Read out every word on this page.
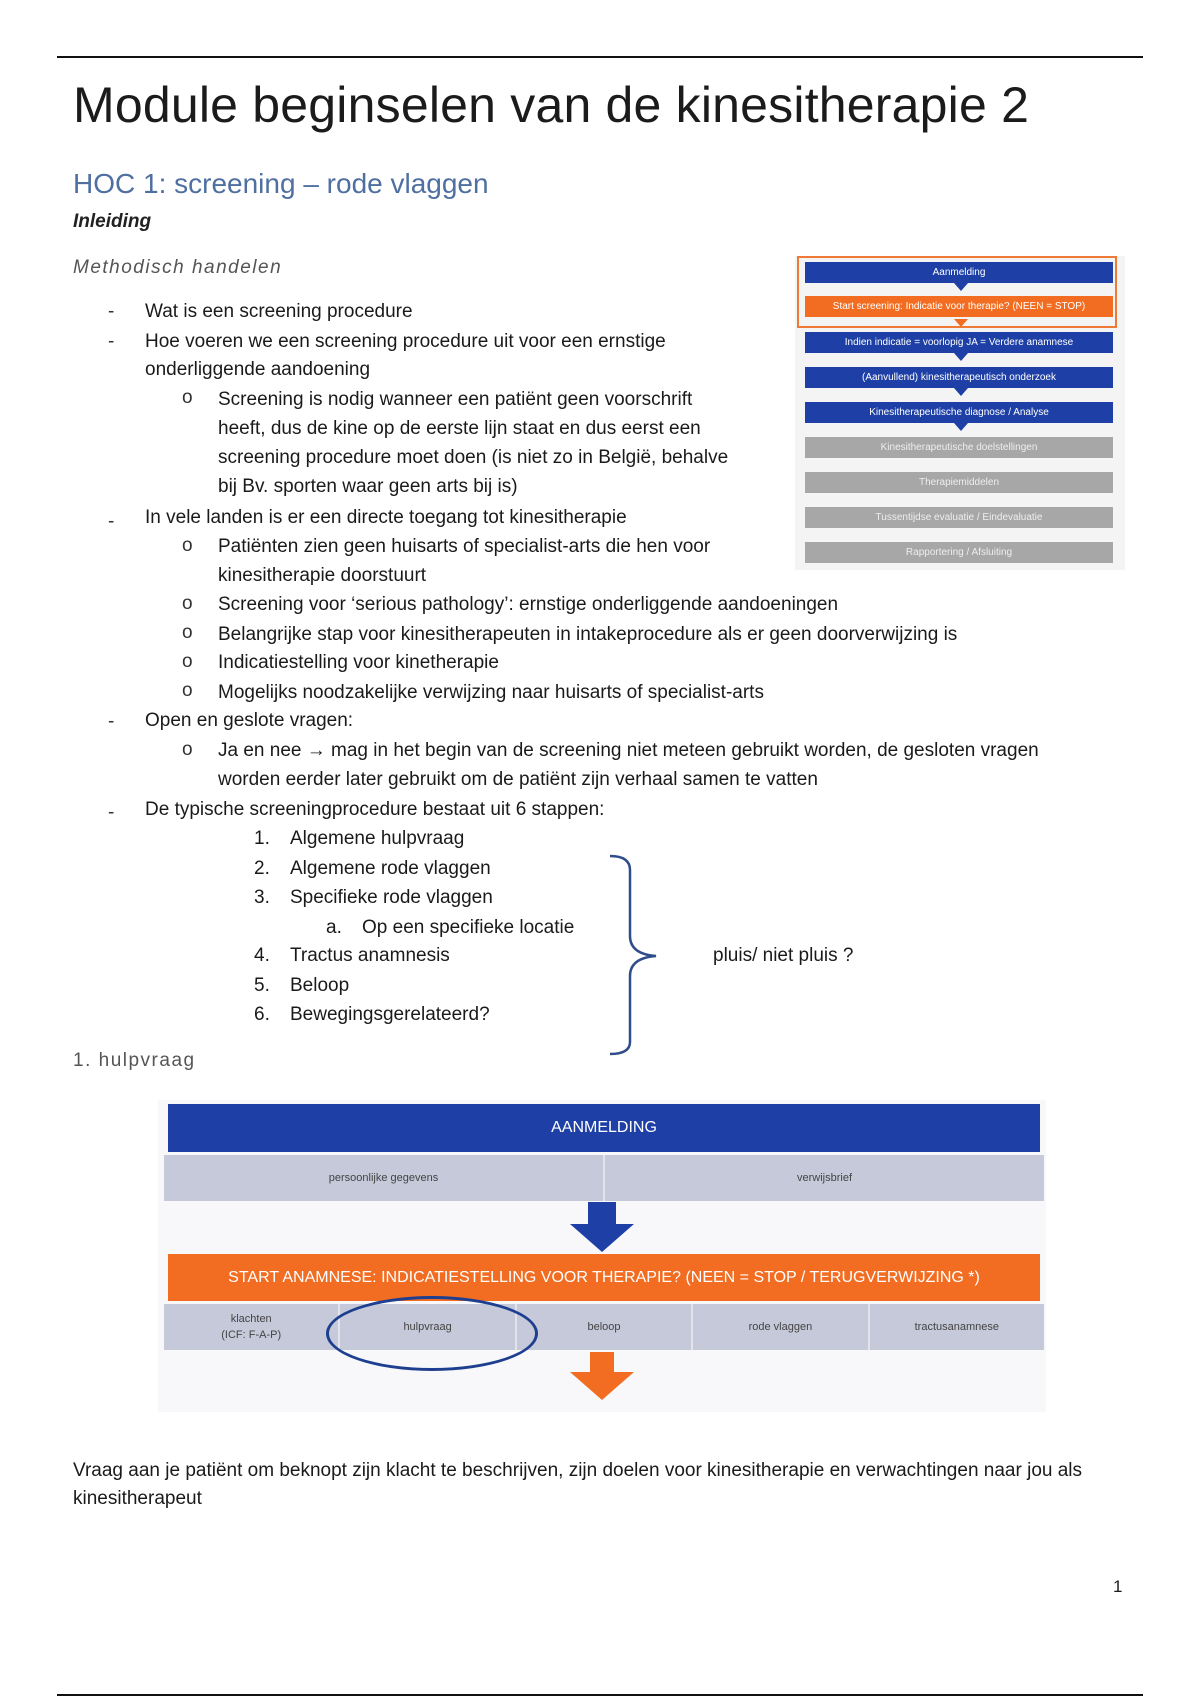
Module beginselen van de kinesitherapie 2
HOC 1: screening – rode vlaggen
Inleiding
Methodisch handelen
- Wat is een screening procedure
- Hoe voeren we een screening procedure uit voor een ernstige
onderliggende aandoening
o Screening is nodig wanneer een patiënt geen voorschrift
heeft, dus de kine op de eerste lijn staat en dus eerst een
screening procedure moet doen (is niet zo in België, behalve
bij Bv. sporten waar geen arts bij is)
- In vele landen is er een directe toegang tot kinesitherapie
o Patiënten zien geen huisarts of specialist-arts die hen voor
kinesitherapie doorstuurt
o Screening voor ‘serious pathology’: ernstige onderliggende aandoeningen
o Belangrijke stap voor kinesitherapeuten in intakeprocedure als er geen doorverwijzing is
o Indicatiestelling voor kinetherapie
o Mogelijks noodzakelijke verwijzing naar huisarts of specialist-arts
- Open en geslote vragen:
o Ja en nee → mag in het begin van de screening niet meteen gebruikt worden, de gesloten vragen
worden eerder later gebruikt om de patiënt zijn verhaal samen te vatten
- De typische screeningprocedure bestaat uit 6 stappen:
1. Algemene hulpvraag
2. Algemene rode vlaggen
3. Specifieke rode vlaggen
a. Op een specifieke locatie
4. Tractus anamnesis
5. Beloop
6. Bewegingsgerelateerd?
pluis/ niet pluis ?
Aanmelding
Start screening: Indicatie voor therapie? (NEEN = STOP)
Indien indicatie = voorlopig JA = Verdere anamnese
(Aanvullend) kinesitherapeutisch onderzoek
Kinesitherapeutische diagnose / Analyse
Kinesitherapeutische doelstellingen
Therapiemiddelen
Tussentijdse evaluatie / Eindevaluatie
Rapportering / Afsluiting
1. hulpvraag
AANMELDING
persoonlijke gegevens	verwijsbrief
START ANAMNESE: INDICATIESTELLING VOOR THERAPIE? (NEEN = STOP / TERUGVERWIJZING *)
klachten
(ICF: F-A-P)
hulpvraag	beloop	rode vlaggen	tractusanamnese
Vraag aan je patiënt om beknopt zijn klacht te beschrijven, zijn doelen voor kinesitherapie en verwachtingen naar jou als kinesitherapeut
1
